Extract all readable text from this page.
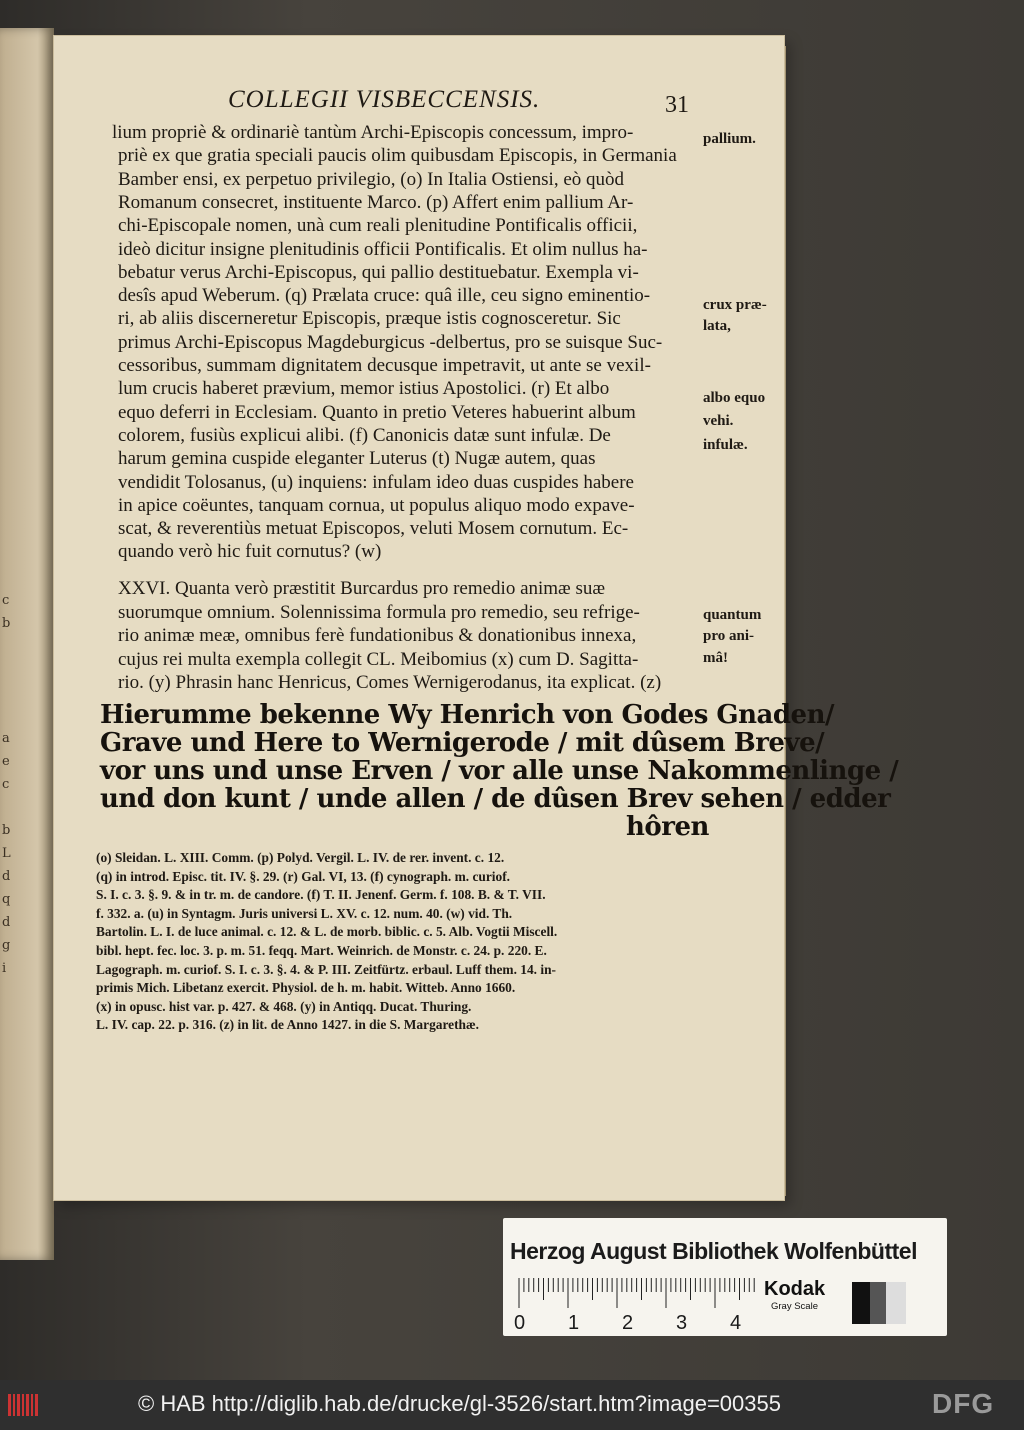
c
b
a
e
c
b
L
d
q
d
g
i
COLLEGII VISBECCENSIS.	31
lium propriè & ordinariè tantùm Archi-Episcopis concessum, impro-
priè ex que gratia speciali paucis olim quibusdam Episcopis, in Germania
Bamber ensi, ex perpetuo privilegio, (o) In Italia Ostiensi, eò quòd
Romanum consecret, instituente Marco. (p) Affert enim pallium Ar-
chi-Episcopale nomen, unà cum reali plenitudine Pontificalis officii,
ideò dicitur insigne plenitudinis officii Pontificalis. Et olim nullus ha-
bebatur verus Archi-Episcopus, qui pallio destituebatur. Exempla vi-
desîs apud Weberum. (q) Prælata cruce: quâ ille, ceu signo eminentio-
ri, ab aliis discerneretur Episcopis, præque istis cognosceretur. Sic
primus Archi-Episcopus Magdeburgicus -delbertus, pro se suisque Suc-
cessoribus, summam dignitatem decusque impetravit, ut ante se vexil-
lum crucis haberet prævium, memor istius Apostolici. (r) Et albo
equo deferri in Ecclesiam. Quanto in pretio Veteres habuerint album
colorem, fusiùs explicui alibi. (f) Canonicis datæ sunt infulæ. De
harum gemina cuspide eleganter Luterus (t) Nugæ autem, quas
vendidit Tolosanus, (u) inquiens: infulam ideo duas cuspides habere
in apice coëuntes, tanquam cornua, ut populus aliquo modo expave-
scat, & reverentiùs metuat Episcopos, veluti Mosem cornutum. Ec-
quando verò hic fuit cornutus? (w)
pallium.
crux præ-
lata,
albo equo
vehi.
infulæ.
quantum
pro ani-
mâ!
XXVI. Quanta verò præstitit Burcardus pro remedio animæ suæ
suorumque omnium. Solennissima formula pro remedio, seu refrige-
rio animæ meæ, omnibus ferè fundationibus & donationibus innexa,
cujus rei multa exempla collegit CL. Meibomius (x) cum D. Sagitta-
rio. (y) Phrasin hanc Henricus, Comes Wernigerodanus, ita explicat. (z)
Hierumme bekenne Wy Henrich von Godes Gnaden/
Grave und Here to Wernigerode / mit dûsem Breve/
vor uns und unse Erven / vor alle unse Nakommenlinge /
und don kunt / unde allen / de dûsen Brev sehen / edder
hôren
(o) Sleidan. L. XIII. Comm. (p) Polyd. Vergil. L. IV. de rer. invent. c. 12.
(q) in introd. Episc. tit. IV. §. 29. (r) Gal. VI, 13. (f) cynograph. m. curiof.
S. I. c. 3. §. 9. & in tr. m. de candore. (f) T. II. Jenenf. Germ. f. 108. B. & T. VII.
f. 332. a. (u) in Syntagm. Juris universi L. XV. c. 12. num. 40. (w) vid. Th.
Bartolin. L. I. de luce animal. c. 12. & L. de morb. biblic. c. 5. Alb. Vogtii Miscell.
bibl. hept. fec. loc. 3. p. m. 51. feqq. Mart. Weinrich. de Monstr. c. 24. p. 220. E.
Lagograph. m. curiof. S. I. c. 3. §. 4. & P. III. Zeitfürtz. erbaul. Luff them. 14. in-
primis Mich. Libetanz exercit. Physiol. de h. m. habit. Witteb. Anno 1660.
(x) in opusc. hist var. p. 427. & 468. (y) in Antiqq. Ducat. Thuring.
L. IV. cap. 22. p. 316. (z) in lit. de Anno 1427. in die S. Margarethæ.
Herzog August Bibliothek Wolfenbüttel
0 1 2 3 4
Kodak
Gray Scale
© HAB http://diglib.hab.de/drucke/gl-3526/start.htm?image=00355	DFG
